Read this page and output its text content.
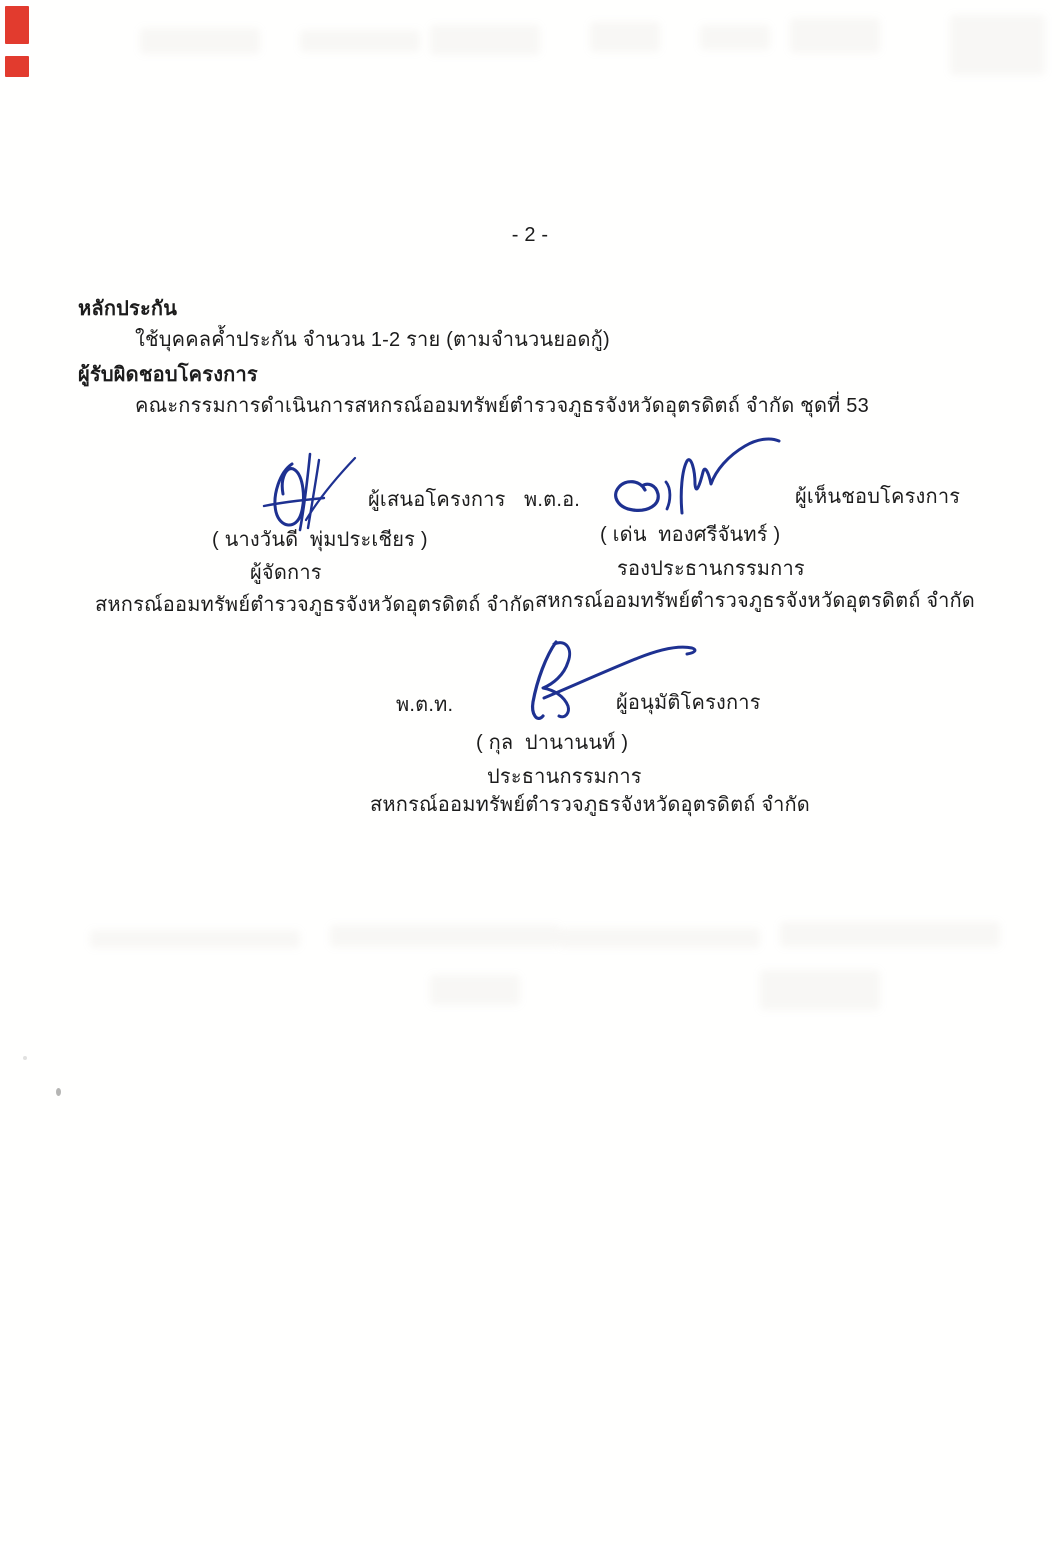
- 2 -
หลักประกัน
ใช้บุคคลค้ำประกัน จำนวน 1-2 ราย (ตามจำนวนยอดกู้)
ผู้รับผิดชอบโครงการ
คณะกรรมการดำเนินการสหกรณ์ออมทรัพย์ตำรวจภูธรจังหวัดอุตรดิตถ์ จำกัด ชุดที่ 53
ผู้เสนอโครงการ พ.ต.อ.	ผู้เห็นชอบโครงการ
( นางวันดี  พุ่มประเชียร )	( เด่น  ทองศรีจันทร์ )
ผู้จัดการ	รองประธานกรรมการ
สหกรณ์ออมทรัพย์ตำรวจภูธรจังหวัดอุตรดิตถ์ จำกัด สหกรณ์ออมทรัพย์ตำรวจภูธรจังหวัดอุตรดิตถ์ จำกัด
พ.ต.ท.	ผู้อนุมัติโครงการ
( กุล  ปานานนท์ )
ประธานกรรมการ
สหกรณ์ออมทรัพย์ตำรวจภูธรจังหวัดอุตรดิตถ์ จำกัด
